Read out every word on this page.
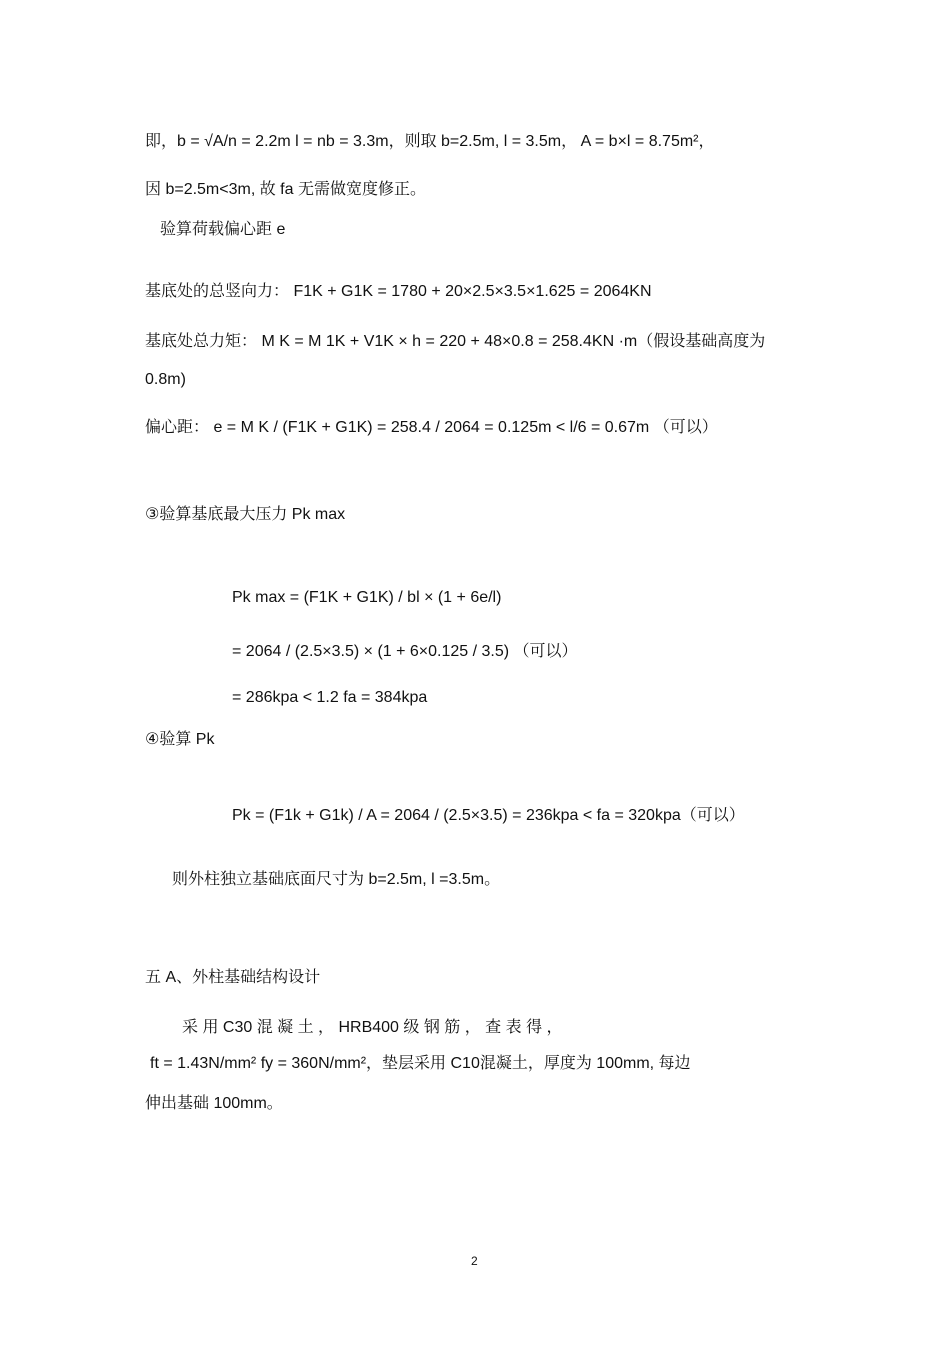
即，b = √A/n = 2.2m l = nb = 3.3m，则取 b=2.5m, l = 3.5m， A = b×l = 8.75m²，
因 b=2.5m<3m, 故 fa 无需做宽度修正。
验算荷载偏心距 e
基底处的总竖向力： F1K + G1K = 1780 + 20×2.5×3.5×1.625 = 2064KN
基底处总力矩： M K = M 1K + V1K × h = 220 + 48×0.8 = 258.4KN ·m（假设基础高度为
0.8m)
偏心距： e = M K / (F1K + G1K) = 258.4 / 2064 = 0.125m < l/6 = 0.67m （可以）
③验算基底最大压力 Pk max
Pk max = (F1K + G1K) / bl × (1 + 6e/l)
= 2064 / (2.5×3.5) × (1 + 6×0.125 / 3.5) （可以）
= 286kpa < 1.2 fa = 384kpa
④验算 Pk
Pk = (F1k + G1k) / A = 2064 / (2.5×3.5) = 236kpa < fa = 320kpa（可以）
则外柱独立基础底面尺寸为 b=2.5m, l =3.5m。
五 A、外柱基础结构设计
采 用 C30 混 凝 土 ， HRB400 级 钢 筋 ， 查 表 得 ，
ft = 1.43N/mm² fy = 360N/mm²，垫层采用 C10混凝土，厚度为 100mm, 每边
伸出基础 100mm。
2
